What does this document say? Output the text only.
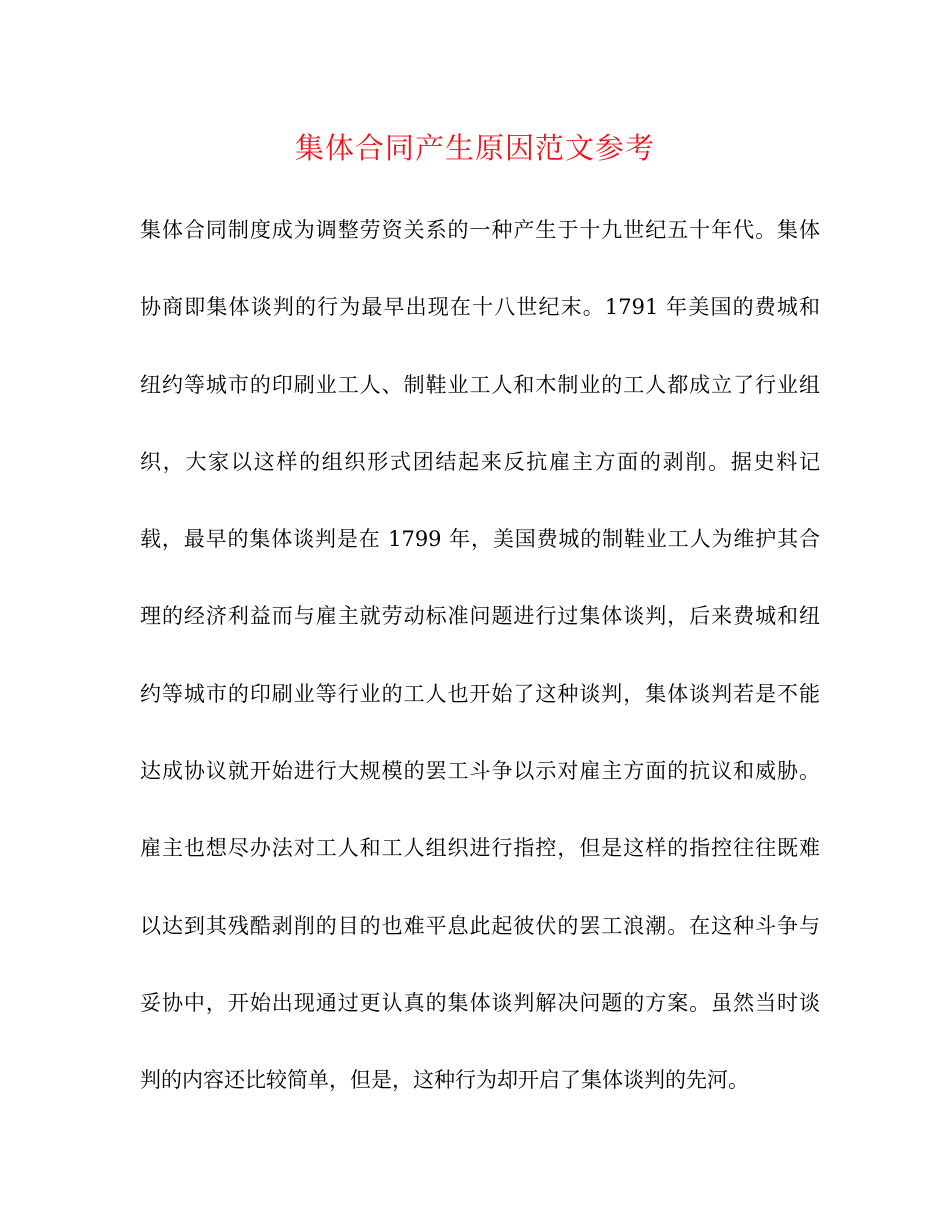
集体合同产生原因范文参考
集体合同制度成为调整劳资关系的一种产生于十九世纪五十年代。集体
协商即集体谈判的行为最早出现在十八世纪末。1791 年美国的费城和
纽约等城市的印刷业工人、制鞋业工人和木制业的工人都成立了行业组
织，大家以这样的组织形式团结起来反抗雇主方面的剥削。据史料记
载，最早的集体谈判是在 1799 年，美国费城的制鞋业工人为维护其合
理的经济利益而与雇主就劳动标准问题进行过集体谈判，后来费城和纽
约等城市的印刷业等行业的工人也开始了这种谈判，集体谈判若是不能
达成协议就开始进行大规模的罢工斗争以示对雇主方面的抗议和威胁。
雇主也想尽办法对工人和工人组织进行指控，但是这样的指控往往既难
以达到其残酷剥削的目的也难平息此起彼伏的罢工浪潮。在这种斗争与
妥协中，开始出现通过更认真的集体谈判解决问题的方案。虽然当时谈
判的内容还比较简单，但是，这种行为却开启了集体谈判的先河。
